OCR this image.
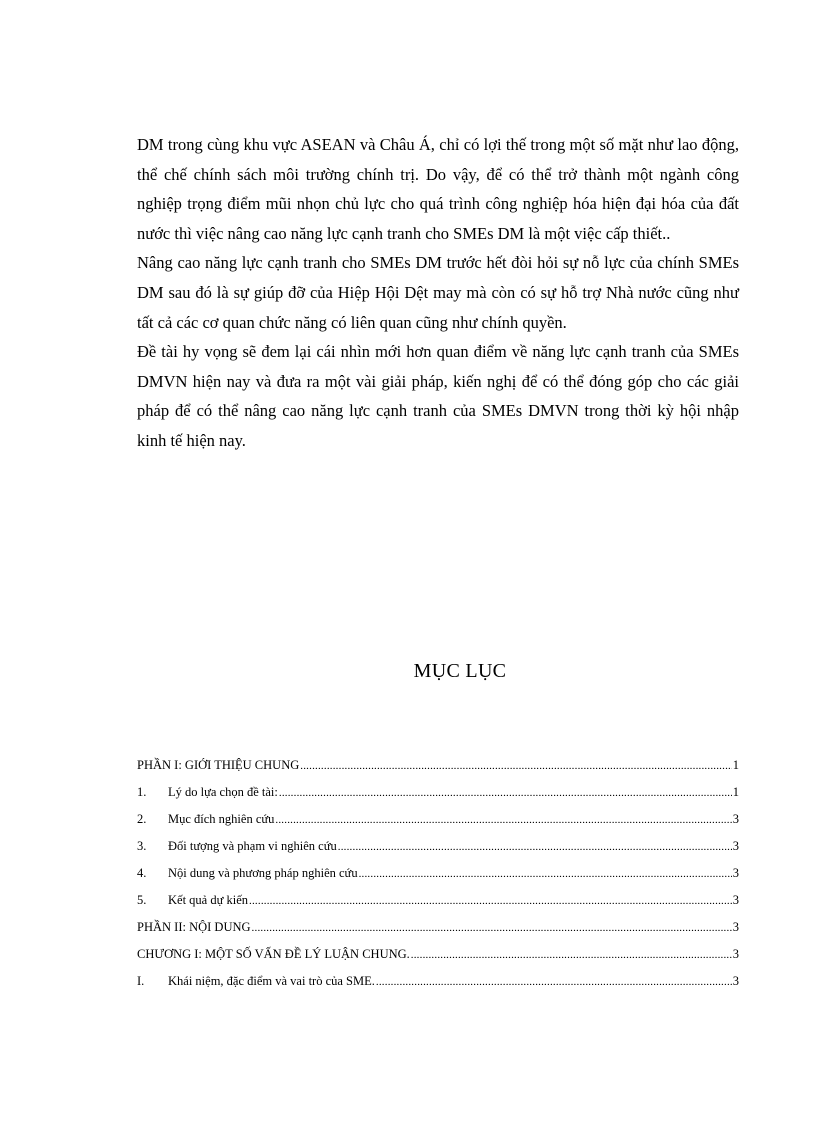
DM trong cùng khu vực ASEAN và Châu Á, chỉ có lợi thế trong một số mặt như lao động, thể chế chính sách môi trường chính trị. Do vậy, để có thể trở thành một ngành công nghiệp trọng điểm mũi nhọn chủ lực cho quá trình công nghiệp hóa hiện đại hóa của đất nước thì việc nâng cao năng lực cạnh tranh cho SMEs DM là một việc cấp thiết..

Nâng cao năng lực cạnh tranh cho SMEs DM trước hết đòi hỏi sự nỗ lực của chính SMEs DM sau đó là sự giúp đỡ của Hiệp Hội Dệt may mà còn có sự hỗ trợ Nhà nước cũng như tất cả các cơ quan chức năng có liên quan cũng như chính quyền.

Đề tài hy vọng sẽ đem lại cái nhìn mới hơn quan điểm về năng lực cạnh tranh của SMEs DMVN hiện nay và đưa ra một vài giải pháp, kiến nghị để có thể đóng góp cho các giải pháp để có thể nâng cao năng lực cạnh tranh của SMEs DMVN trong thời kỳ hội nhập kinh tế hiện nay.

MỤC LỤC
PHẦN I: GIỚI THIỆU CHUNG .....	1
1.	Lý do lựa chọn đề tài: .....	1
2.	Mục đích nghiên cứu .....	3
3.	Đối tượng và phạm vi nghiên cứu .....	3
4.	Nội dung và phương pháp nghiên cứu .....	3
5.	Kết quả dự kiến .....	3
PHẦN II: NỘI DUNG .....	3
CHƯƠNG I: MỘT SỐ VẤN ĐỀ LÝ LUẬN CHUNG. .....	3
I.	Khái niệm, đặc điểm và vai trò của SME. .....	3
